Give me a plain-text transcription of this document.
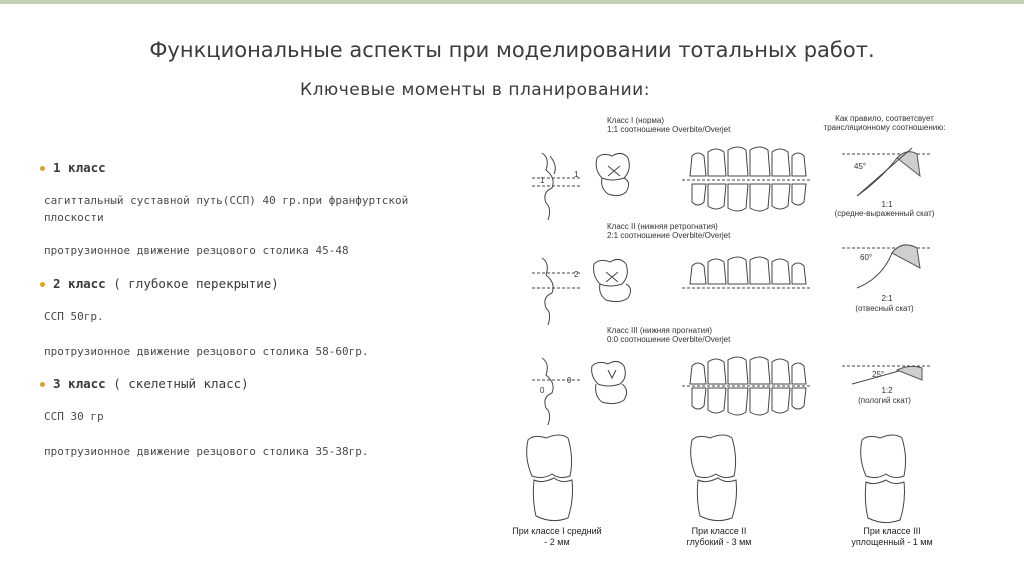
Функциональные аспекты при моделировании тотальных работ.
Ключевые моменты в планировании:
1 класс
сагиттальный суставной путь(ССП) 40 гр.при франфуртской плоскости
протрузионное движение резцового столика 45-48
2 класс ( глубокое перекрытие)
ССП 50гр.
протрузионное движение резцового столика 58-60гр.
3 класс ( скелетный класс)
ССП 30 гр
протрузионное движение резцового столика 35-38гр.
Класс I (норма)
1:1 соотношение Overbite/Overjet
Как правило, соответсвует трансляционному соотношению:
45°
1:1
(средне-выраженный скат)
1
1
Класс II (нижняя ретрогнатия)
2:1 соотношение Overbite/Overjet
60°
2:1
(отвесный скат)
2
Класс III (нижняя прогнатия)
0:0 соотношение Overbite/Overjet
25°
1:2
(пологий скат)
0
0
При классе I средний - 2 мм
При классе II глубокий - 3 мм
При классе III уплощенный - 1 мм
